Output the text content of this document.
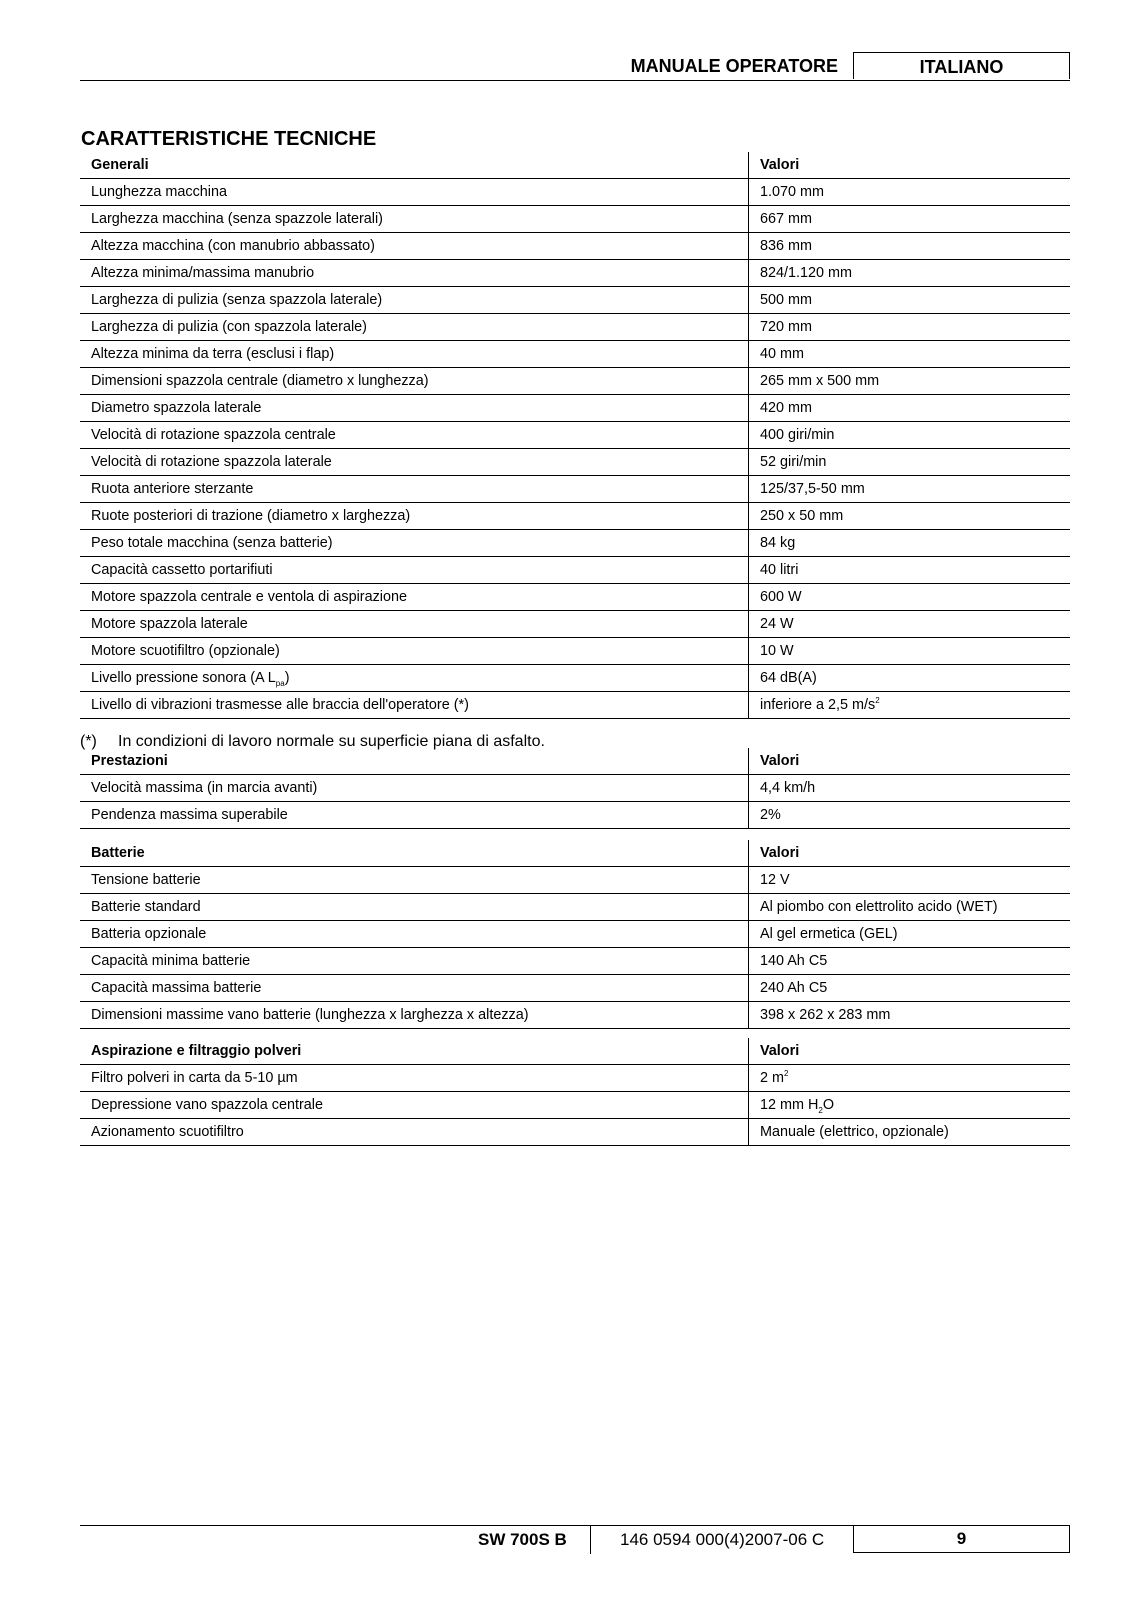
MANUALE OPERATORE	ITALIANO
CARATTERISTICHE TECNICHE
Generali	Valori
Lunghezza macchina	1.070 mm
Larghezza macchina (senza spazzole laterali)	667 mm
Altezza macchina (con manubrio abbassato)	836 mm
Altezza minima/massima manubrio	824/1.120 mm
Larghezza di pulizia (senza spazzola laterale)	500 mm
Larghezza di pulizia (con spazzola laterale)	720 mm
Altezza minima da terra (esclusi i flap)	40 mm
Dimensioni spazzola centrale (diametro x lunghezza)	265 mm x 500 mm
Diametro spazzola laterale	420 mm
Velocità di rotazione spazzola centrale	400 giri/min
Velocità di rotazione spazzola laterale	52 giri/min
Ruota anteriore sterzante	125/37,5-50 mm
Ruote posteriori di trazione (diametro x larghezza)	250 x 50 mm
Peso totale macchina (senza batterie)	84 kg
Capacità cassetto portarifiuti	40 litri
Motore spazzola centrale e ventola di aspirazione	600 W
Motore spazzola laterale	24 W
Motore scuotifiltro (opzionale)	10 W
Livello pressione sonora (A $L_{pa}$)	64 dB(A)
Livello di vibrazioni trasmesse alle braccia dell'operatore (*)	inferiore a 2,5 $m/s^2$
(*) In condizioni di lavoro normale su superficie piana di asfalto.
Prestazioni	Valori
Velocità massima (in marcia avanti)	4,4 km/h
Pendenza massima superabile	2%
Batterie	Valori
Tensione batterie	12 V
Batterie standard	Al piombo con elettrolito acido (WET)
Batteria opzionale	Al gel ermetica (GEL)
Capacità minima batterie	140 Ah C5
Capacità massima batterie	240 Ah C5
Dimensioni massime vano batterie (lunghezza x larghezza x altezza)	398 x 262 x 283 mm
Aspirazione e filtraggio polveri	Valori
Filtro polveri in carta da 5-10 µm	2 $m^2$
Depressione vano spazzola centrale	12 mm $H_2O$
Azionamento scuotifiltro	Manuale (elettrico, opzionale)
SW 700S B	146 0594 000(4)2007-06 C	9
